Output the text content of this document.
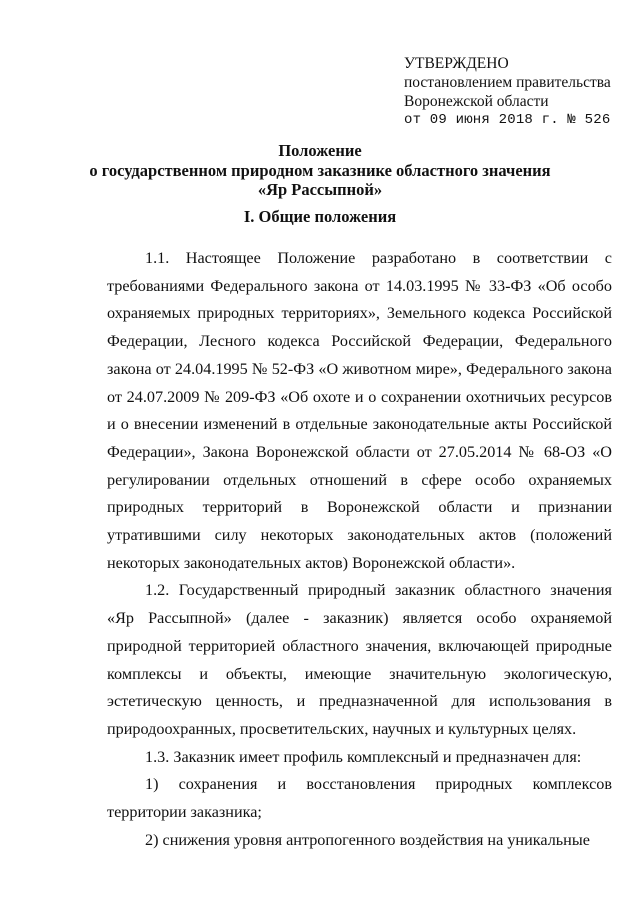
УТВЕРЖДЕНО
постановлением правительства
Воронежской области
от 09 июня 2018 г. № 526
Положение
о государственном природном заказнике областного значения
«Яр Рассыпной»
I. Общие положения

1.1. Настоящее Положение разработано в соответствии с требованиями Федерального закона от 14.03.1995 № 33-ФЗ «Об особо охраняемых природных территориях», Земельного кодекса Российской Федерации, Лесного кодекса Российской Федерации, Федерального закона от 24.04.1995 № 52-ФЗ «О животном мире», Федерального закона от 24.07.2009 № 209-ФЗ «Об охоте и о сохранении охотничьих ресурсов и о внесении изменений в отдельные законодательные акты Российской Федерации», Закона Воронежской области от 27.05.2014 № 68-ОЗ «О регулировании отдельных отношений в сфере особо охраняемых природных территорий в Воронежской области и признании утратившими силу некоторых законодательных актов (положений некоторых законодательных актов) Воронежской области».

1.2. Государственный природный заказник областного значения «Яр Рассыпной» (далее - заказник) является особо охраняемой природной территорией областного значения, включающей природные комплексы и объекты, имеющие значительную экологическую, эстетическую ценность, и предназначенной для использования в природоохранных, просветительских, научных и культурных целях.

1.3. Заказник имеет профиль комплексный и предназначен для:

1) сохранения и восстановления природных комплексов территории заказника;

2) снижения уровня антропогенного воздействия на уникальные
